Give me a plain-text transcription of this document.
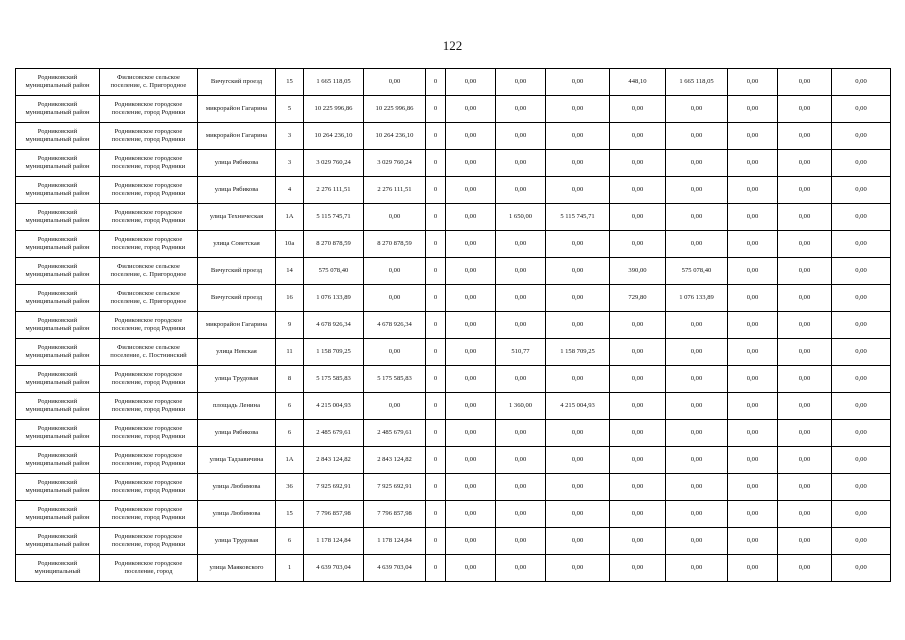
122
Родниковский муниципальный район	Филисовское сельское поселение, с. Пригородное	Вичугский проезд	15	1 665 118,05	0,00	0	0,00	0,00	0,00	448,10	1 665 118,05	0,00	0,00	0,00
Родниковский муниципальный район	Родниковское городское поселение, город Родники	микрорайон Гагарина	5	10 225 996,86	10 225 996,86	0	0,00	0,00	0,00	0,00	0,00	0,00	0,00	0,00
Родниковский муниципальный район	Родниковское городское поселение, город Родники	микрорайон Гагарина	3	10 264 236,10	10 264 236,10	0	0,00	0,00	0,00	0,00	0,00	0,00	0,00	0,00
Родниковский муниципальный район	Родниковское городское поселение, город Родники	улица Рябикова	3	3 029 760,24	3 029 760,24	0	0,00	0,00	0,00	0,00	0,00	0,00	0,00	0,00
Родниковский муниципальный район	Родниковское городское поселение, город Родники	улица Рябикова	4	2 276 111,51	2 276 111,51	0	0,00	0,00	0,00	0,00	0,00	0,00	0,00	0,00
Родниковский муниципальный район	Родниковское городское поселение, город Родники	улица Техническая	1А	5 115 745,71	0,00	0	0,00	1 650,00	5 115 745,71	0,00	0,00	0,00	0,00	0,00
Родниковский муниципальный район	Родниковское городское поселение, город Родники	улица Советская	10а	8 270 878,59	8 270 878,59	0	0,00	0,00	0,00	0,00	0,00	0,00	0,00	0,00
Родниковский муниципальный район	Филисовское сельское поселение, с. Пригородное	Вичугский проезд	14	575 078,40	0,00	0	0,00	0,00	0,00	390,00	575 078,40	0,00	0,00	0,00
Родниковский муниципальный район	Филисовское сельское поселение, с. Пригородное	Вичугский проезд	16	1 076 133,89	0,00	0	0,00	0,00	0,00	729,80	1 076 133,89	0,00	0,00	0,00
Родниковский муниципальный район	Родниковское городское поселение, город Родники	микрорайон Гагарина	9	4 678 926,34	4 678 926,34	0	0,00	0,00	0,00	0,00	0,00	0,00	0,00	0,00
Родниковский муниципальный район	Филисовское сельское поселение, с. Постнинский	улица Невская	11	1 158 709,25	0,00	0	0,00	510,77	1 158 709,25	0,00	0,00	0,00	0,00	0,00
Родниковский муниципальный район	Родниковское городское поселение, город Родники	улица Трудовая	8	5 175 585,83	5 175 585,83	0	0,00	0,00	0,00	0,00	0,00	0,00	0,00	0,00
Родниковский муниципальный район	Родниковское городское поселение, город Родники	площадь Ленина	6	4 215 004,93	0,00	0	0,00	1 360,00	4 215 004,93	0,00	0,00	0,00	0,00	0,00
Родниковский муниципальный район	Родниковское городское поселение, город Родники	улица Рябикова	6	2 485 679,61	2 485 679,61	0	0,00	0,00	0,00	0,00	0,00	0,00	0,00	0,00
Родниковский муниципальный район	Родниковское городское поселение, город Родники	улица Тадзавичина	1А	2 843 124,82	2 843 124,82	0	0,00	0,00	0,00	0,00	0,00	0,00	0,00	0,00
Родниковский муниципальный район	Родниковское городское поселение, город Родники	улица Любимова	36	7 925 692,91	7 925 692,91	0	0,00	0,00	0,00	0,00	0,00	0,00	0,00	0,00
Родниковский муниципальный район	Родниковское городское поселение, город Родники	улица Любимова	15	7 796 857,98	7 796 857,98	0	0,00	0,00	0,00	0,00	0,00	0,00	0,00	0,00
Родниковский муниципальный район	Родниковское городское поселение, город Родники	улица Трудовая	6	1 178 124,84	1 178 124,84	0	0,00	0,00	0,00	0,00	0,00	0,00	0,00	0,00
Родниковский муниципальный	Родниковское городское поселение, город	улица Маяковского	1	4 639 703,04	4 639 703,04	0	0,00	0,00	0,00	0,00	0,00	0,00	0,00	0,00
